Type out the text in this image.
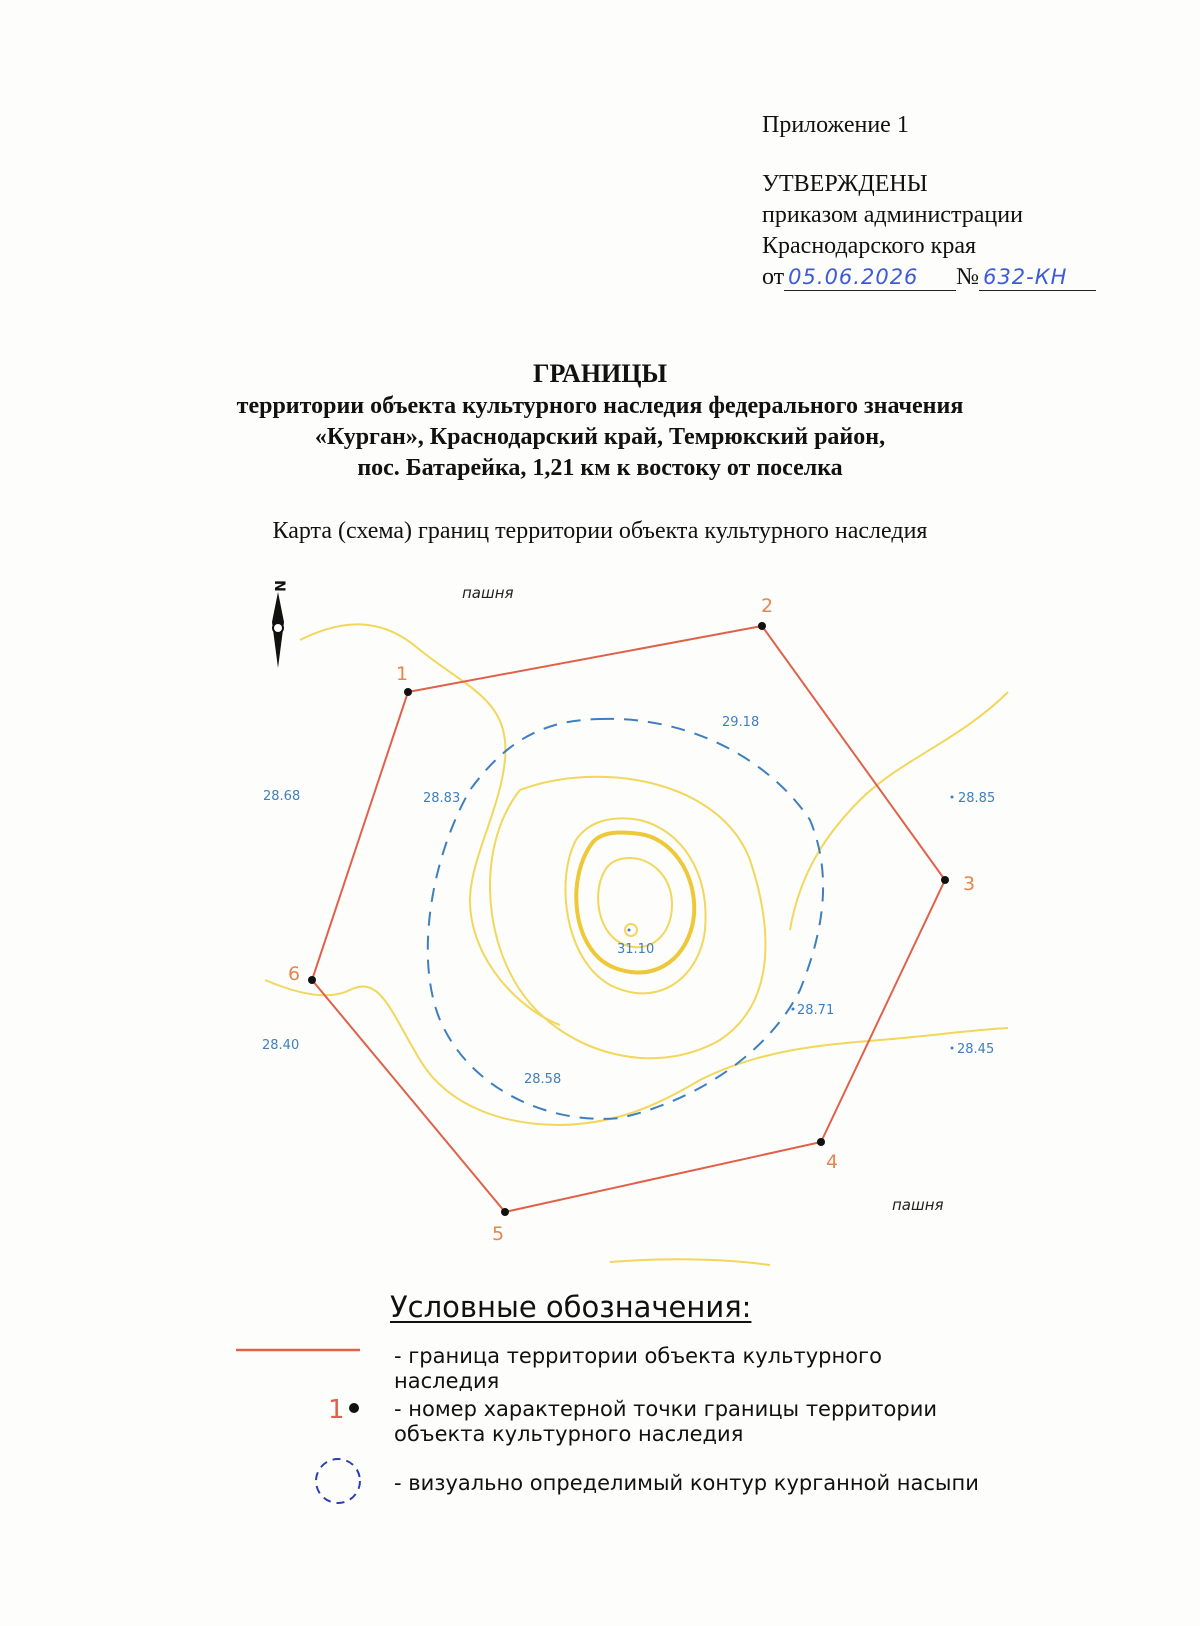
Приложение 1
УТВЕРЖДЕНЫ
приказом администрации
Краснодарского края
от 05.06.2026 № 632-КН
ГРАНИЦЫ
территории объекта культурного наследия федерального значения
«Курган», Краснодарский край, Темрюкский район,
пос. Батарейка, 1,21 км к востоку от поселка
Карта (схема) границ территории объекта культурного наследия
N
1
2
3
4
5
6
29.18
28.83
28.68	28.85
31.10
28.71
28.40	28.45
28.58
пашня
пашня
1
Условные обозначения:
- граница территории объекта культурного наследия
- номер характерной точки границы территории объекта культурного наследия
- визуально определимый контур курганной насыпи
